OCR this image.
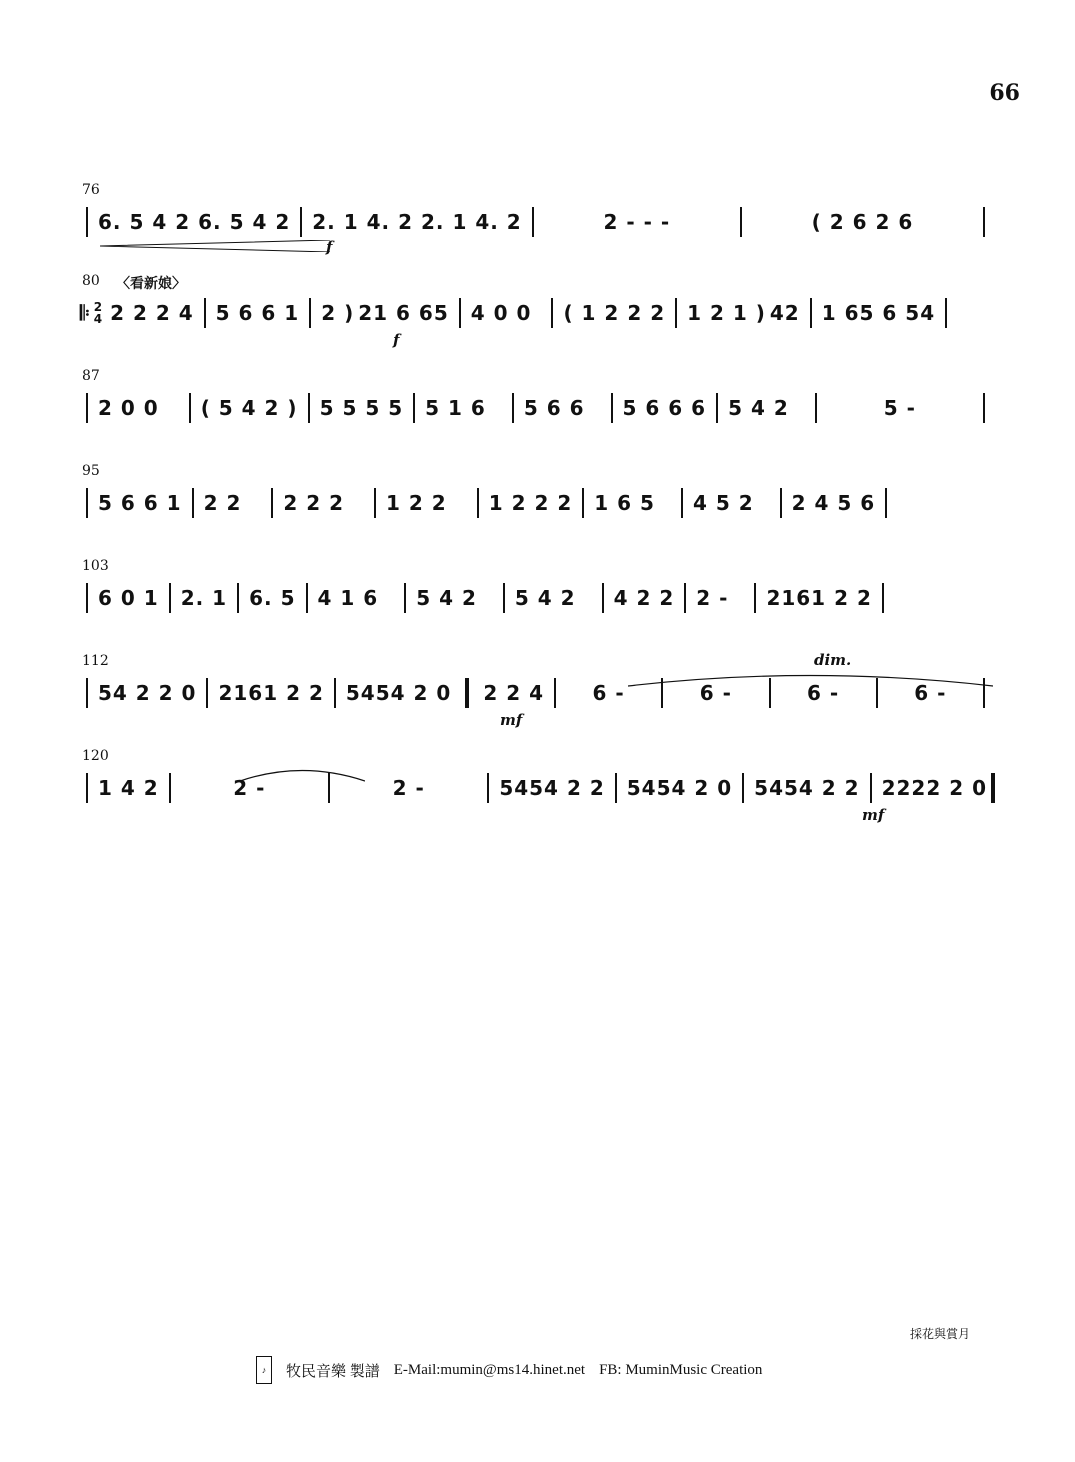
66
76
6. 5 4 2 6. 5 4 2 2. 1 4. 2 2. 1 4. 2	2 - - -	( 2 6 2 6
f
80 〈看新娘〉
𝄆 2
4 2 2 2 4 5 6 6 1 2 ) 21 6 65 4 0 0 ( 1 2 2 2 1 2 1 ) 42 1 65 6 54
f
87
2 0 0 ( 5 4 2 ) 5 5 5 5 5 1 6 5 6 6 5 6 6 6 5 4 2	5 -
95
5 6 6 1 2 2 2 2 2 1 2 2 1 2 2 2 1 6 5 4 5 2 2 4 5 6
103
6 0 1 2. 1 6. 5 4 1 6 5 4 2 5 4 2 4 2 2 2 - 2161 2 2
112
54 2 2 0 2161 2 2 5454 2 0 2 2 4	6 -	6 -	6 -	6 -
mf
dim.
120
1 4 2	2 -	2 -	5454 2 2 5454 2 0 5454 2 2 2222 2 0
mf
採花與賞月
♪	牧民音樂 製譜 E-Mail:mumin@ms14.hinet.net FB: MuminMusic Creation
